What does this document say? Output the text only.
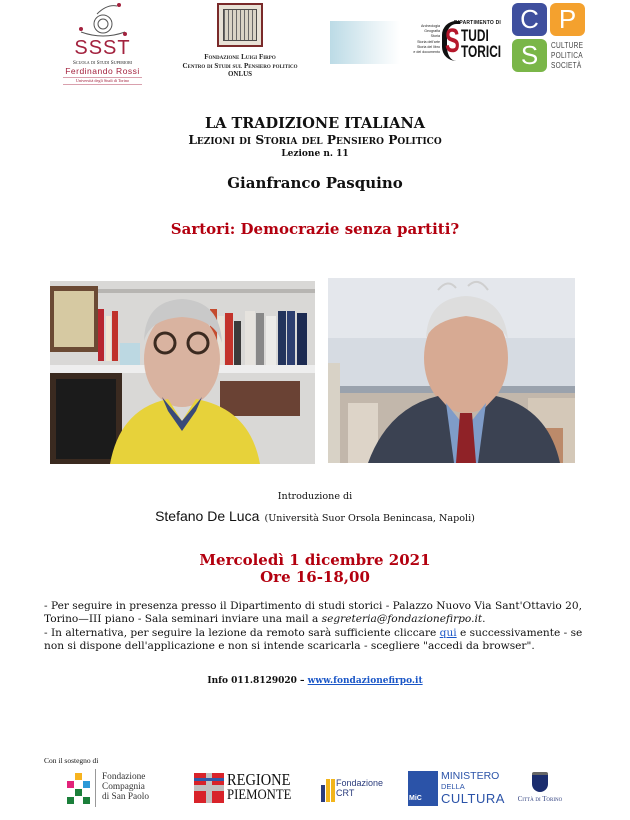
SSST
Scuola di Studi Superiori
Ferdinando Rossi
Università degli Studi di Torino
Fondazione Luigi Firpo
Centro di Studi sul Pensiero politico
ONLUS
Archeologia
Geografia
Storia
Storia dell'arte
Storia del libro
e del documento
DIPARTIMENTO DI
S TUDI
TORICI
C P
S	CULTURE
POLITICA
SOCIETÀ
LA TRADIZIONE ITALIANA
Lezioni di Storia del Pensiero Politico
Lezione n. 11
Gianfranco Pasquino
Sartori: Democrazie senza partiti?
Introduzione di
Stefano De Luca (Università Suor Orsola Benincasa, Napoli)
Mercoledì 1 dicembre 2021
Ore 16-18,00

- Per seguire in presenza presso il Dipartimento di studi storici - Palazzo Nuovo Via Sant'Ottavio 20, Torino—III piano - Sala seminari inviare una mail a segreteria@fondazionefirpo.it.

- In alternativa, per seguire la lezione da remoto sarà sufficiente cliccare qui e successivamente - se non si dispone dell'applicazione e non si intende scaricarla - scegliere "accedi da browser".

Info 011.8129020 – www.fondazionefirpo.it
Con il sostegno di
Fondazione
Compagnia
di San Paolo
REGIONE
PIEMONTE
Fondazione
CRT
MiC
MINISTERO
DELLA
CULTURA	Città di Torino
